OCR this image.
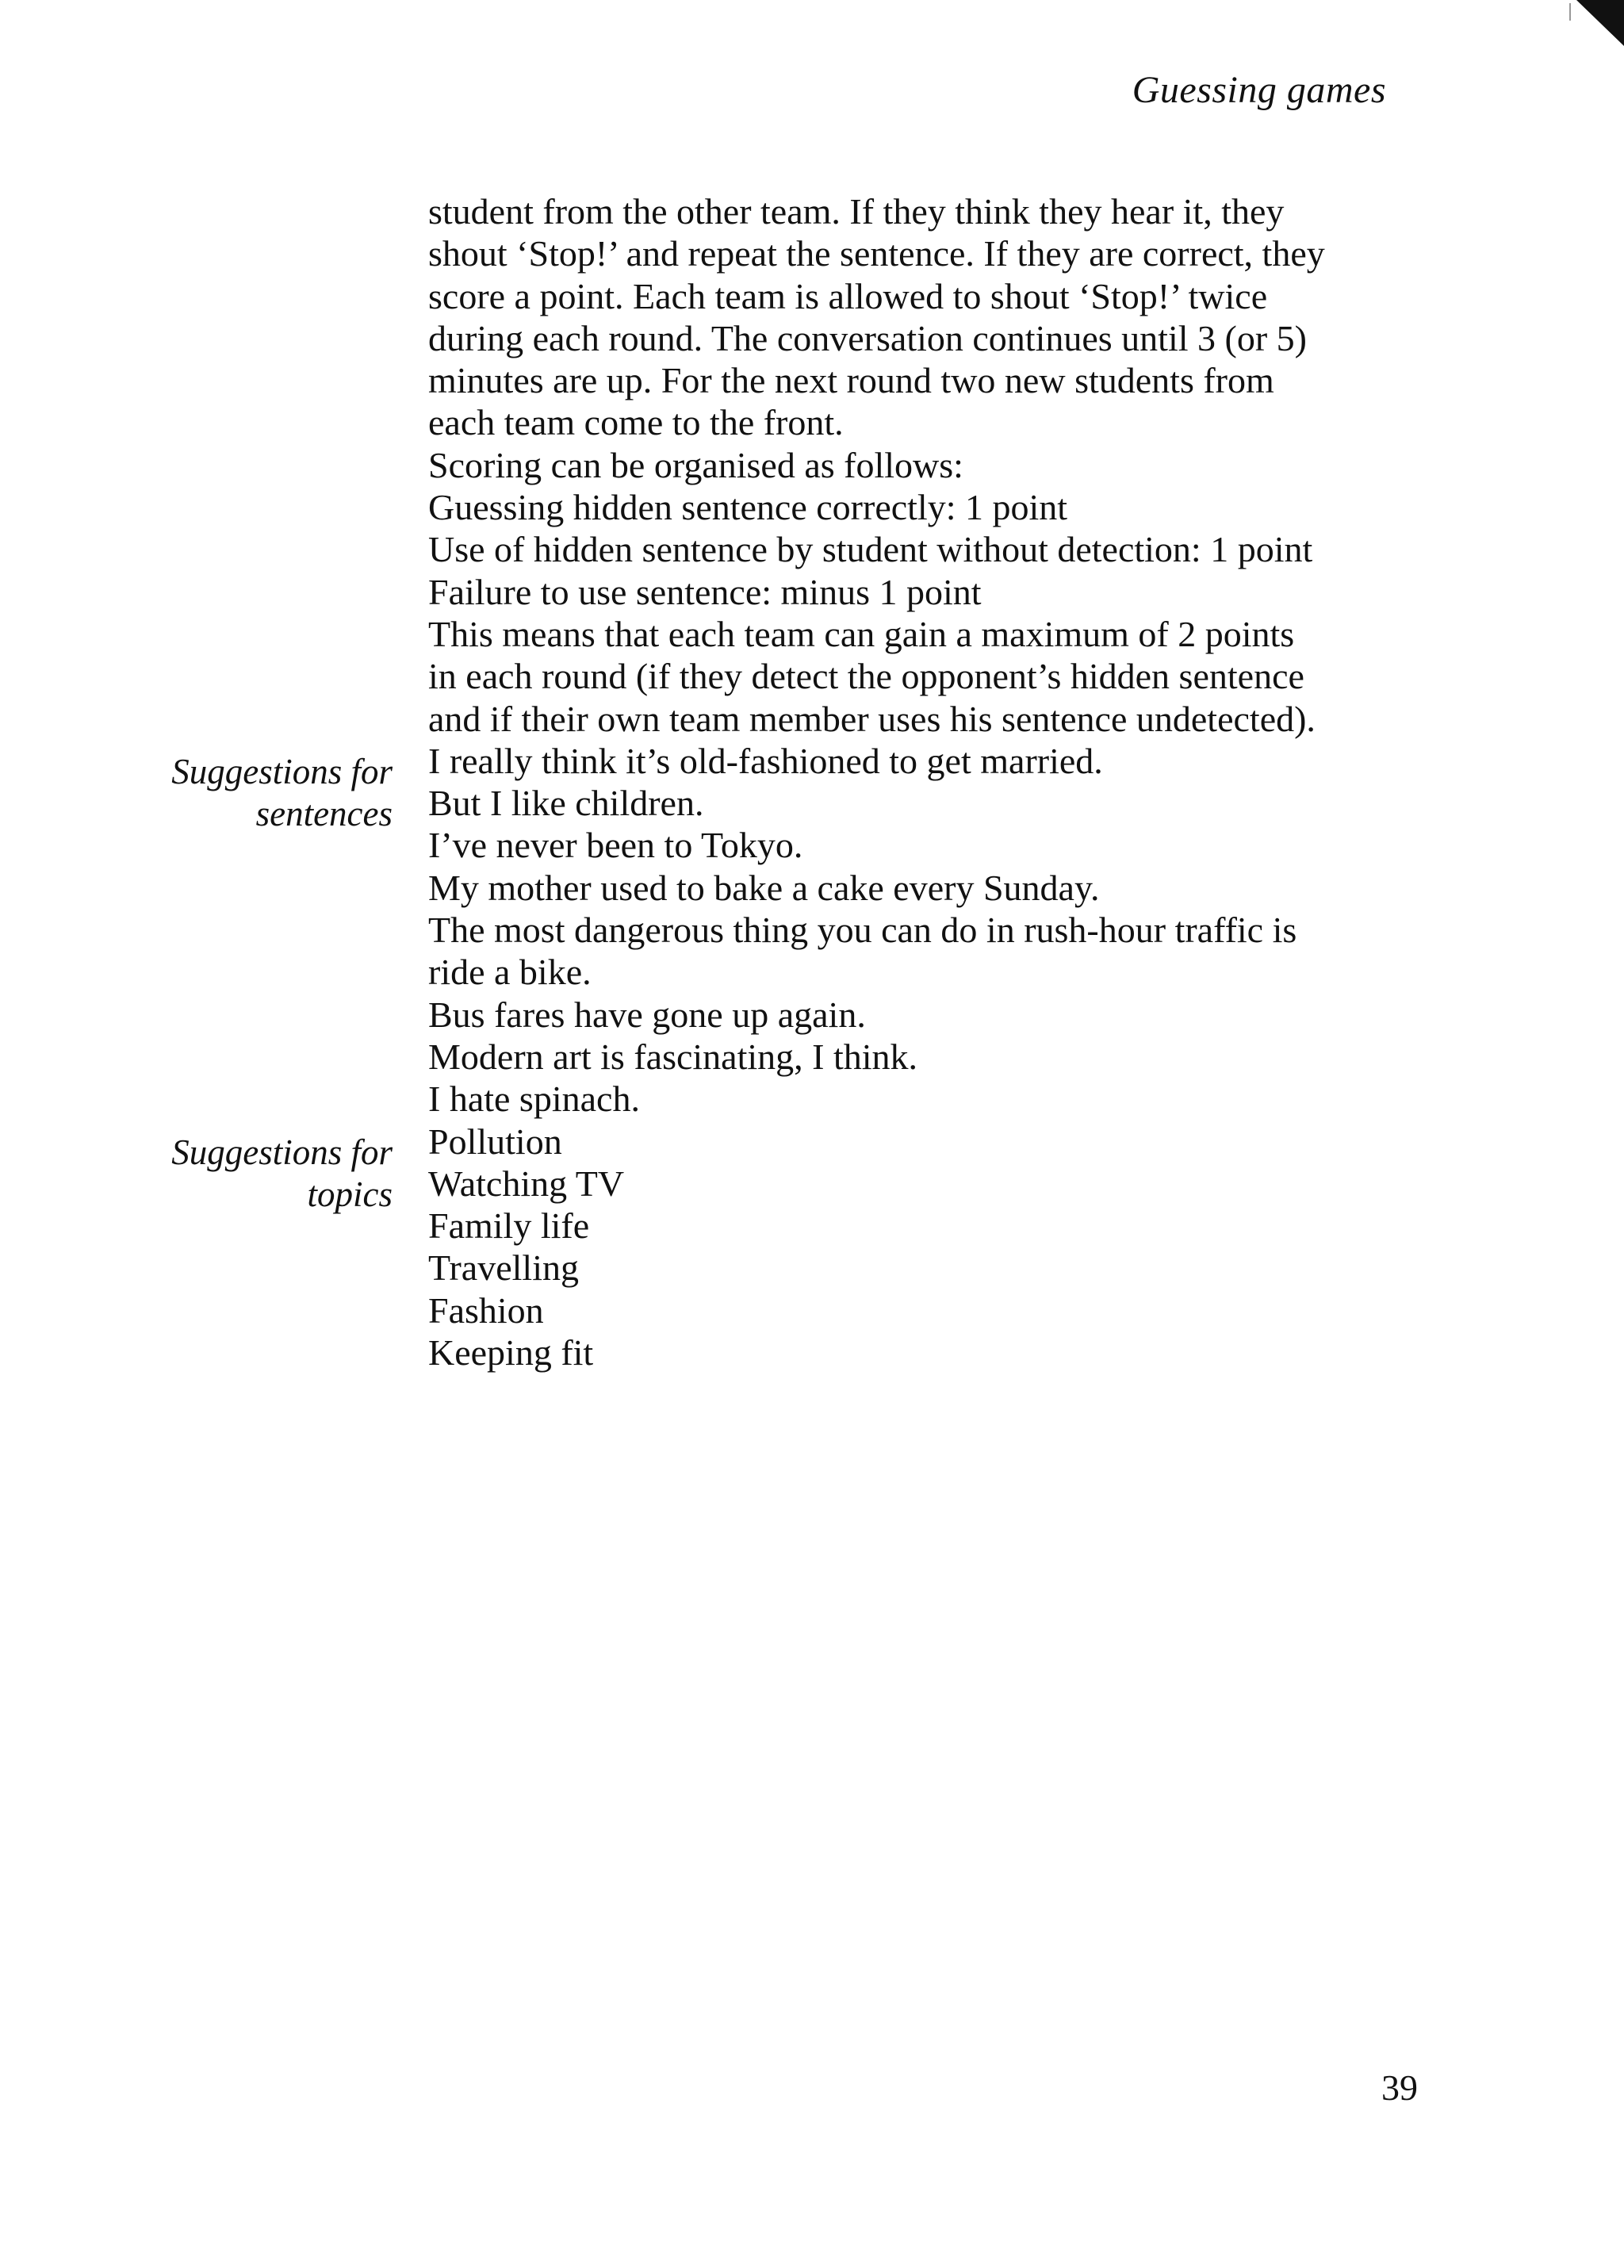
Guessing games
Suggestions for
sentences
Suggestions for
topics
student from the other team. If they think they hear it, they
shout ‘Stop!’ and repeat the sentence. If they are correct, they
score a point. Each team is allowed to shout ‘Stop!’ twice
during each round. The conversation continues until 3 (or 5)
minutes are up. For the next round two new students from
each team come to the front.
Scoring can be organised as follows:
Guessing hidden sentence correctly: 1 point
Use of hidden sentence by student without detection: 1 point
Failure to use sentence: minus 1 point
This means that each team can gain a maximum of 2 points
in each round (if they detect the opponent’s hidden sentence
and if their own team member uses his sentence undetected).
I really think it’s old-fashioned to get married.
But I like children.
I’ve never been to Tokyo.
My mother used to bake a cake every Sunday.
The most dangerous thing you can do in rush-hour traffic is
ride a bike.
Bus fares have gone up again.
Modern art is fascinating, I think.
I hate spinach.
Pollution
Watching TV
Family life
Travelling
Fashion
Keeping fit
39
